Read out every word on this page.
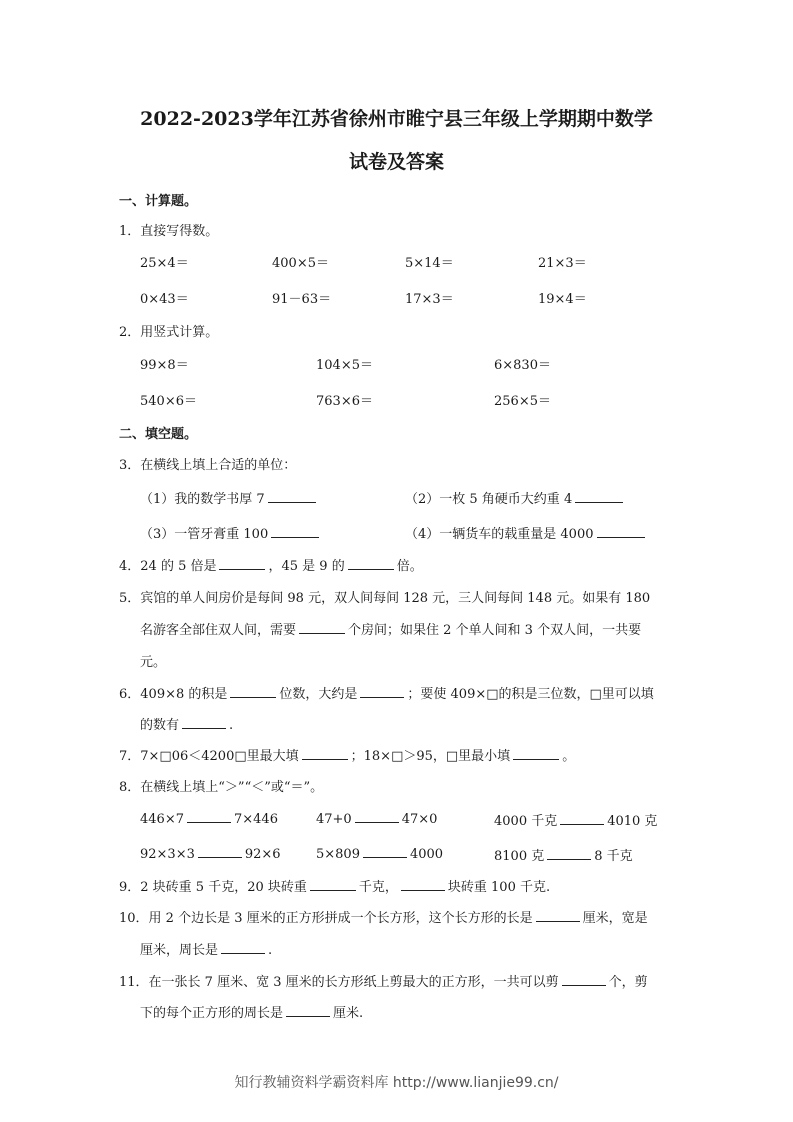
2022-2023学年江苏省徐州市睢宁县三年级上学期期中数学
试卷及答案
一、计算题。
1．直接写得数。
25×4＝	400×5＝	5×14＝	21×3＝
0×43＝	91－63＝	17×3＝	19×4＝
2．用竖式计算。
99×8＝	104×5＝	6×830＝
540×6＝	763×6＝	256×5＝
二、填空题。
3．在横线上填上合适的单位：
（1）我的数学书厚 7	（2）一枚 5 角硬币大约重 4
（3）一管牙膏重 100	（4）一辆货车的载重量是 4000
4．24 的 5 倍是	，45 是 9 的	倍。
5．宾馆的单人间房价是每间 98 元，双人间每间 128 元，三人间每间 148 元。如果有 180
名游客全部住双人间，需要	个房间；如果住 2 个单人间和 3 个双人间，一共要
元。
6．409×8 的积是	位数，大约是	；要使 409×□的积是三位数，□里可以填
的数有	.
7．7×□06＜4200□里最大填	；18×□＞95，□里最小填	。
8．在横线上填上“＞”“＜”或“＝”。
446×7	7×446	47+0	47×0	4000 千克	4010 克
92×3×3	92×6	5×809	4000	8100 克	8 千克
9．2 块砖重 5 千克，20 块砖重	千克，	块砖重 100 千克.
10．用 2 个边长是 3 厘米的正方形拼成一个长方形，这个长方形的长是	厘米，宽是
厘米，周长是	.
11．在一张长 7 厘米、宽 3 厘米的长方形纸上剪最大的正方形，一共可以剪	个，剪
下的每个正方形的周长是	厘米.
知行教辅资料学霸资料库 http://www.lianjie99.cn/
